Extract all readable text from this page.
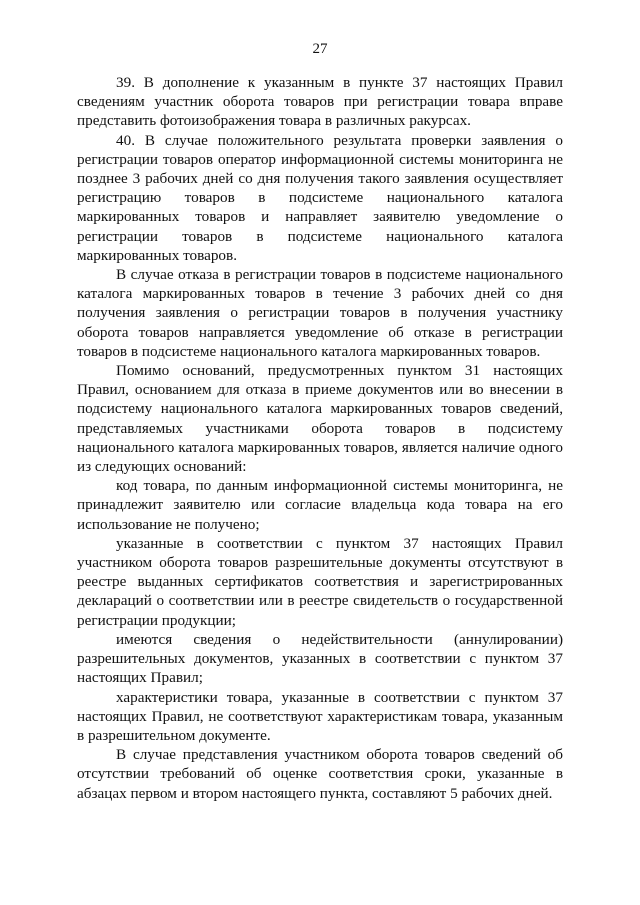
27

39. В дополнение к указанным в пункте 37 настоящих Правил сведениям участник оборота товаров при регистрации товара вправе представить фотоизображения товара в различных ракурсах.

40. В случае положительного результата проверки заявления о регистрации товаров оператор информационной системы мониторинга не позднее 3 рабочих дней со дня получения такого заявления осуществляет регистрацию товаров в подсистеме национального каталога маркированных товаров и направляет заявителю уведомление о регистрации товаров в подсистеме национального каталога маркированных товаров.

В случае отказа в регистрации товаров в подсистеме национального каталога маркированных товаров в течение 3 рабочих дней со дня получения заявления о регистрации товаров в получения участнику оборота товаров направляется уведомление об отказе в регистрации товаров в подсистеме национального каталога маркированных товаров.

Помимо оснований, предусмотренных пунктом 31 настоящих Правил, основанием для отказа в приеме документов или во внесении в подсистему национального каталога маркированных товаров сведений, представляемых участниками оборота товаров в подсистему национального каталога маркированных товаров, является наличие одного из следующих оснований:

код товара, по данным информационной системы мониторинга, не принадлежит заявителю или согласие владельца кода товара на его использование не получено;

указанные в соответствии с пунктом 37 настоящих Правил участником оборота товаров разрешительные документы отсутствуют в реестре выданных сертификатов соответствия и зарегистрированных деклараций о соответствии или в реестре свидетельств о государственной регистрации продукции;

имеются сведения о недействительности (аннулировании) разрешительных документов, указанных в соответствии с пунктом 37 настоящих Правил;

характеристики товара, указанные в соответствии с пунктом 37 настоящих Правил, не соответствуют характеристикам товара, указанным в разрешительном документе.

В случае представления участником оборота товаров сведений об отсутствии требований об оценке соответствия сроки, указанные в абзацах первом и втором настоящего пункта, составляют 5 рабочих дней.
